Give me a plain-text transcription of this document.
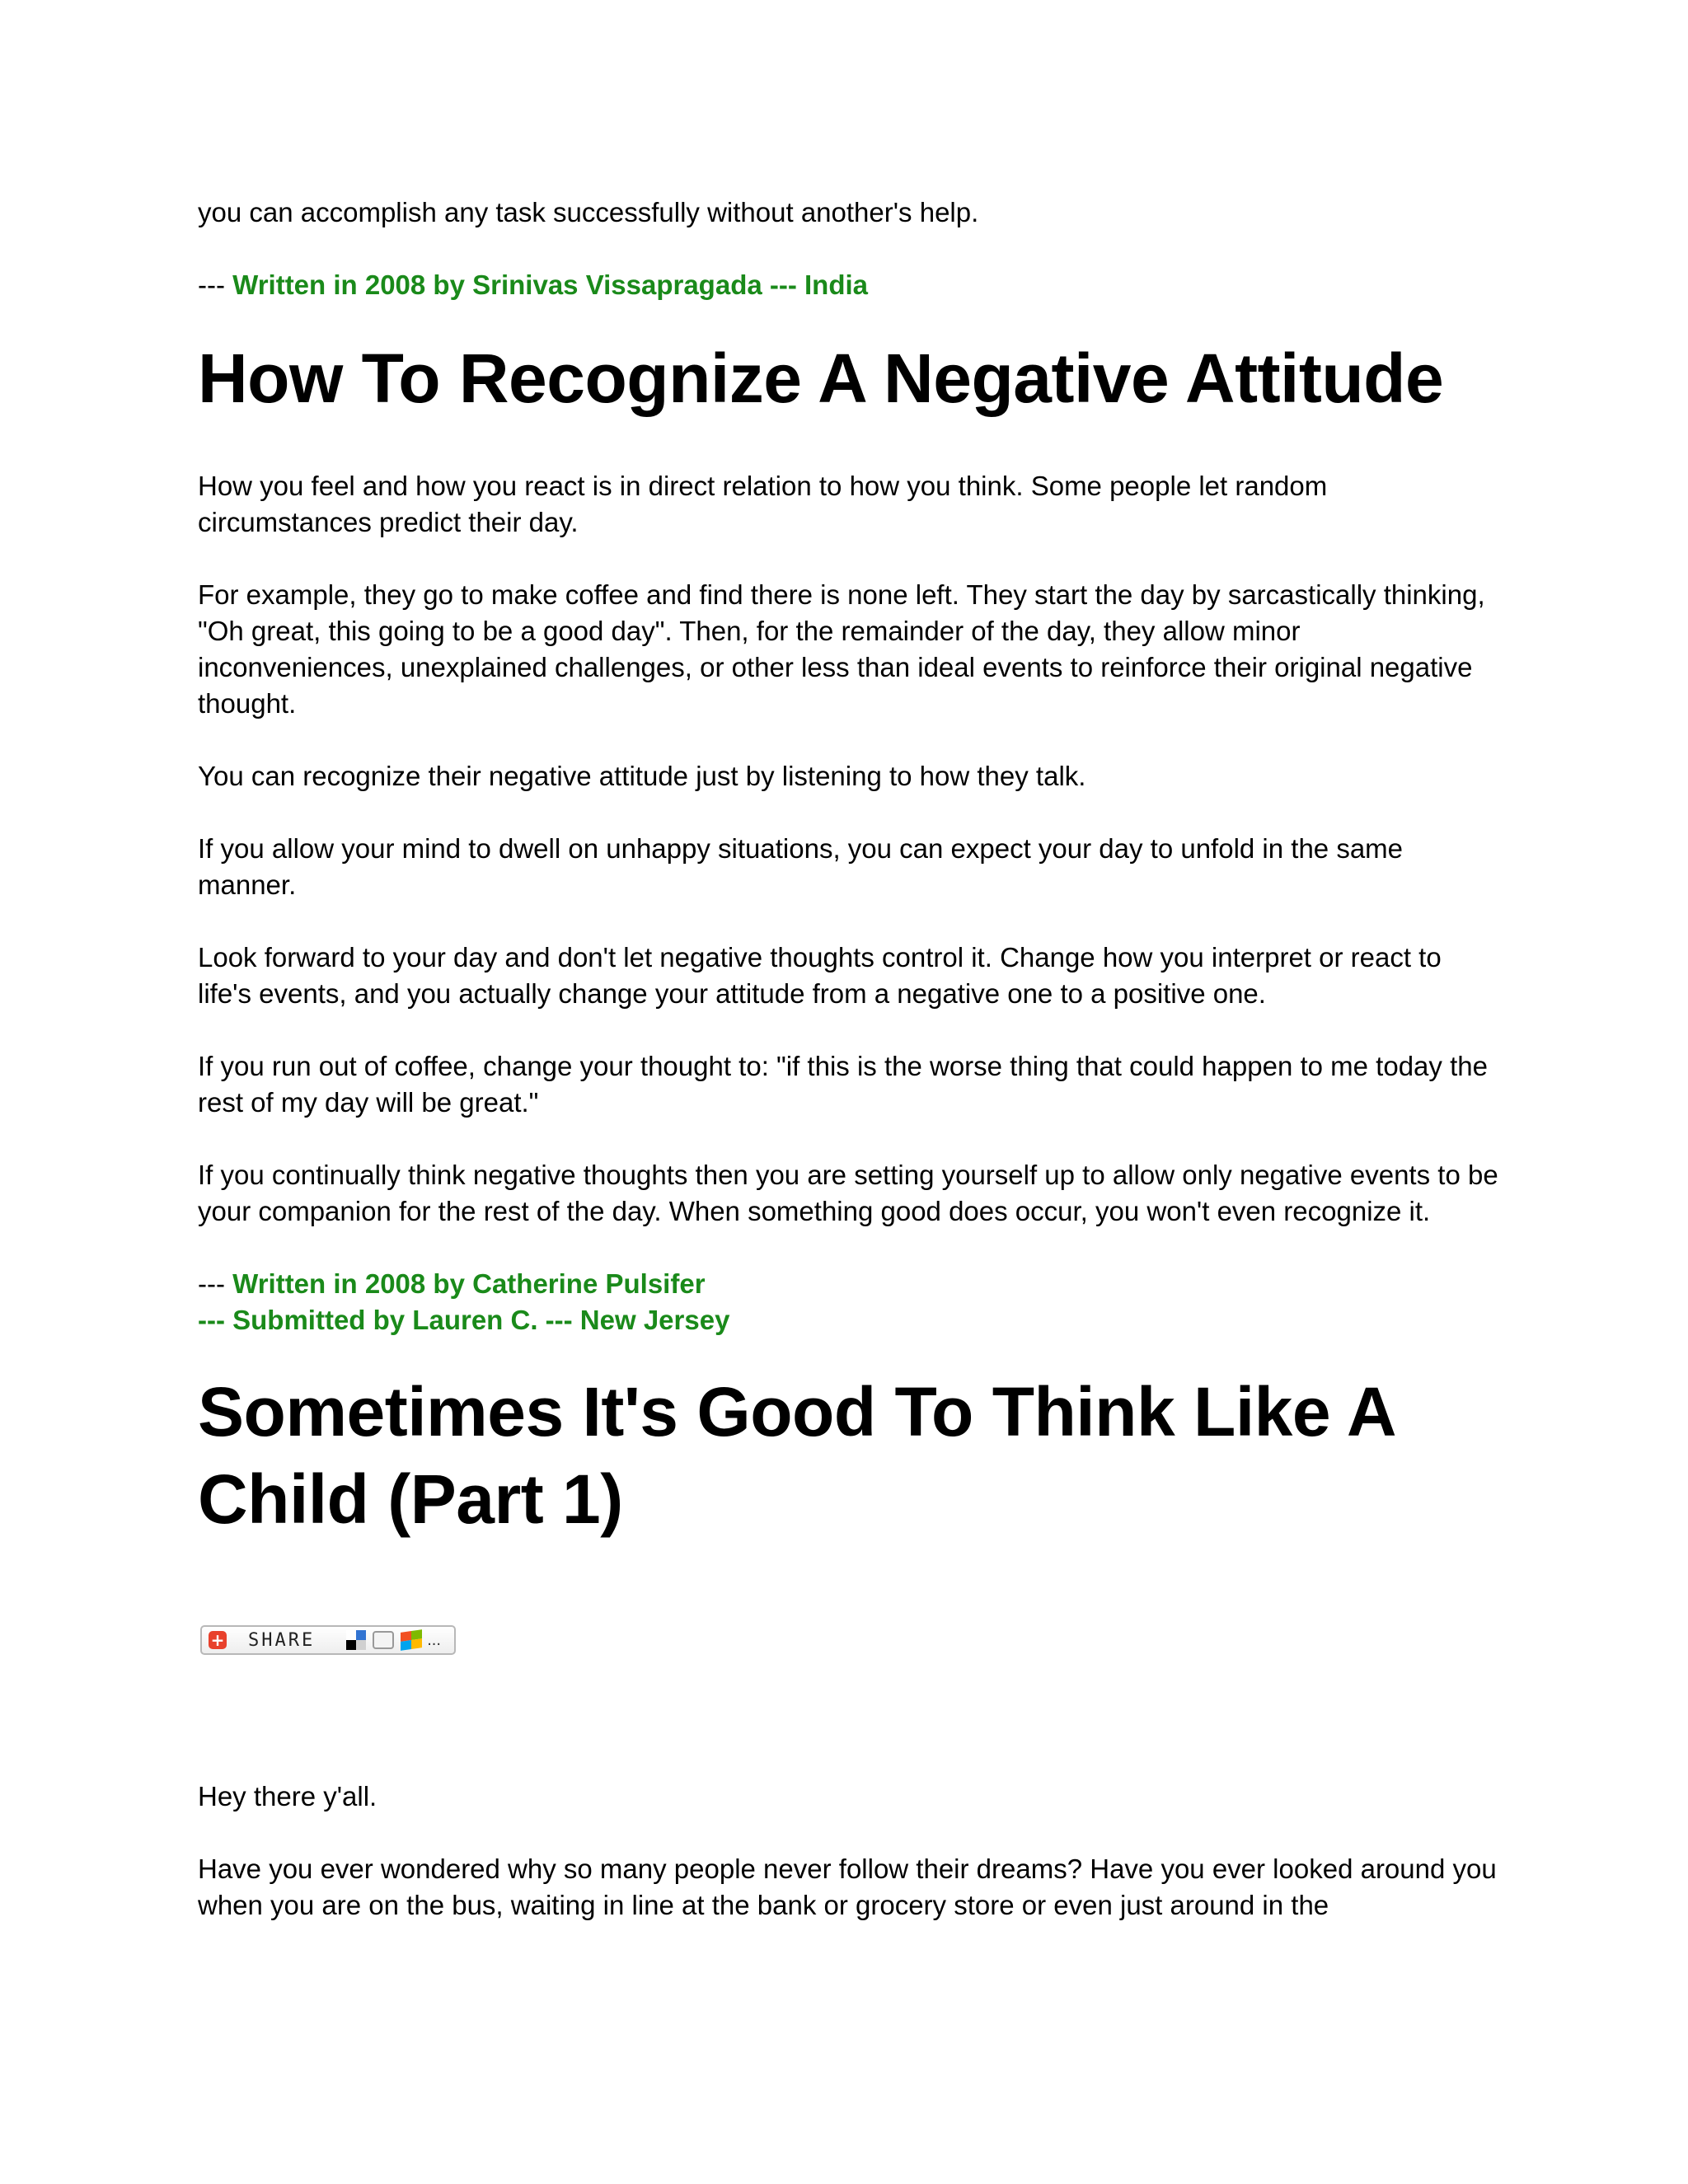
you can accomplish any task successfully without another's help.

--- Written in 2008 by Srinivas Vissapragada --- India

How To Recognize A Negative Attitude

How you feel and how you react is in direct relation to how you think. Some people let random circumstances predict their day.

For example, they go to make coffee and find there is none left. They start the day by sarcastically thinking, "Oh great, this going to be a good day". Then, for the remainder of the day, they allow minor inconveniences, unexplained challenges, or other less than ideal events to reinforce their original negative thought.

You can recognize their negative attitude just by listening to how they talk.

If you allow your mind to dwell on unhappy situations, you can expect your day to unfold in the same manner.

Look forward to your day and don't let negative thoughts control it. Change how you interpret or react to life's events, and you actually change your attitude from a negative one to a positive one.

If you run out of coffee, change your thought to: "if this is the worse thing that could happen to me today the rest of my day will be great."

If you continually think negative thoughts then you are setting yourself up to allow only negative events to be your companion for the rest of the day. When something good does occur, you won't even recognize it.

--- Written in 2008 by Catherine Pulsifer

--- Submitted by Lauren C. --- New Jersey

Sometimes It's Good To Think Like A Child (Part 1)
+ SHARE	...

Hey there y'all.

Have you ever wondered why so many people never follow their dreams? Have you ever looked around you when you are on the bus, waiting in line at the bank or grocery store or even just around in the
